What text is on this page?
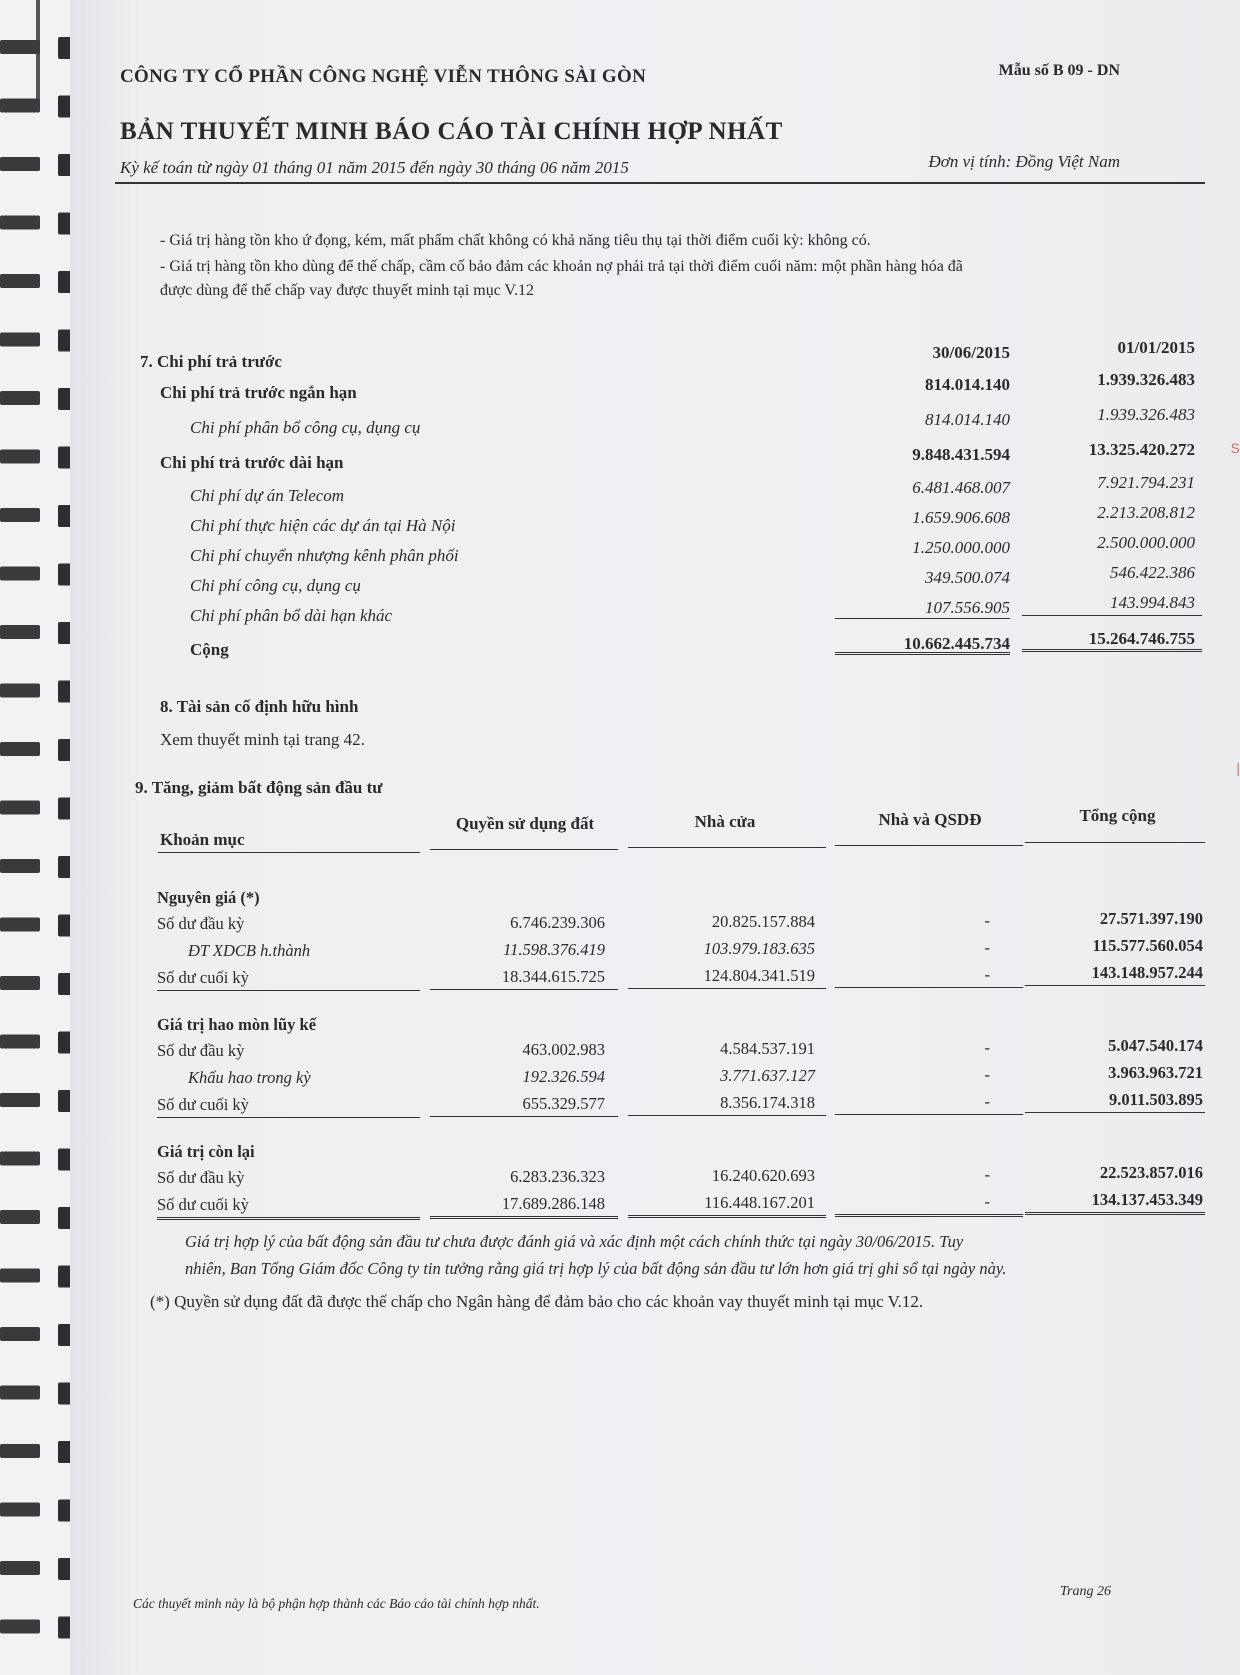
CÔNG TY CỔ PHẦN CÔNG NGHỆ VIỄN THÔNG SÀI GÒN	Mẫu số B 09 - DN
BẢN THUYẾT MINH BÁO CÁO TÀI CHÍNH HỢP NHẤT
Kỳ kế toán từ ngày 01 tháng 01 năm 2015 đến ngày 30 tháng 06 năm 2015	Đơn vị tính: Đồng Việt Nam
- Giá trị hàng tồn kho ứ đọng, kém, mất phẩm chất không có khả năng tiêu thụ tại thời điểm cuối kỳ: không có.
- Giá trị hàng tồn kho dùng để thế chấp, cầm cố bảo đảm các khoản nợ phải trả tại thời điểm cuối năm: một phần hàng hóa đã
được dùng để thế chấp vay được thuyết minh tại mục V.12
7. Chi phí trả trước	30/06/2015	01/01/2015
Chi phí trả trước ngắn hạn	814.014.140	1.939.326.483
Chi phí phân bổ công cụ, dụng cụ	814.014.140	1.939.326.483
Chi phí trả trước dài hạn	9.848.431.594	13.325.420.272
Chi phí dự án Telecom	6.481.468.007	7.921.794.231
Chi phí thực hiện các dự án tại Hà Nội	1.659.906.608	2.213.208.812
Chi phí chuyển nhượng kênh phân phối	1.250.000.000	2.500.000.000
Chi phí công cụ, dụng cụ	349.500.074	546.422.386
Chi phí phân bổ dài hạn khác	107.556.905	143.994.843
Cộng	10.662.445.734	15.264.746.755
8. Tài sản cố định hữu hình
Xem thuyết minh tại trang 42.
9. Tăng, giảm bất động sản đầu tư
Khoản mục
Quyền sử dụng đất	Nhà cửa	Nhà và QSDĐ	Tổng cộng
Nguyên giá (*)
Số dư đầu kỳ	6.746.239.306	20.825.157.884	-	27.571.397.190
ĐT XDCB h.thành	11.598.376.419	103.979.183.635	-	115.577.560.054
Số dư cuối kỳ	18.344.615.725	124.804.341.519	-	143.148.957.244
Giá trị hao mòn lũy kế
Số dư đầu kỳ	463.002.983	4.584.537.191	-	5.047.540.174
Khấu hao trong kỳ	192.326.594	3.771.637.127	-	3.963.963.721
Số dư cuối kỳ	655.329.577	8.356.174.318	-	9.011.503.895
Giá trị còn lại
Số dư đầu kỳ	6.283.236.323	16.240.620.693	-	22.523.857.016
Số dư cuối kỳ	17.689.286.148	116.448.167.201	-	134.137.453.349
Giá trị hợp lý của bất động sản đầu tư chưa được đánh giá và xác định một cách chính thức tại ngày 30/06/2015. Tuy
nhiên, Ban Tổng Giám đốc Công ty tin tưởng rằng giá trị hợp lý của bất động sản đầu tư lớn hơn giá trị ghi sổ tại ngày này.
(*) Quyền sử dụng đất đã được thế chấp cho Ngân hàng để đảm bảo cho các khoản vay thuyết minh tại mục V.12.
Các thuyết minh này là bộ phận hợp thành các Báo cáo tài chính hợp nhất.
Trang 26
S
|
